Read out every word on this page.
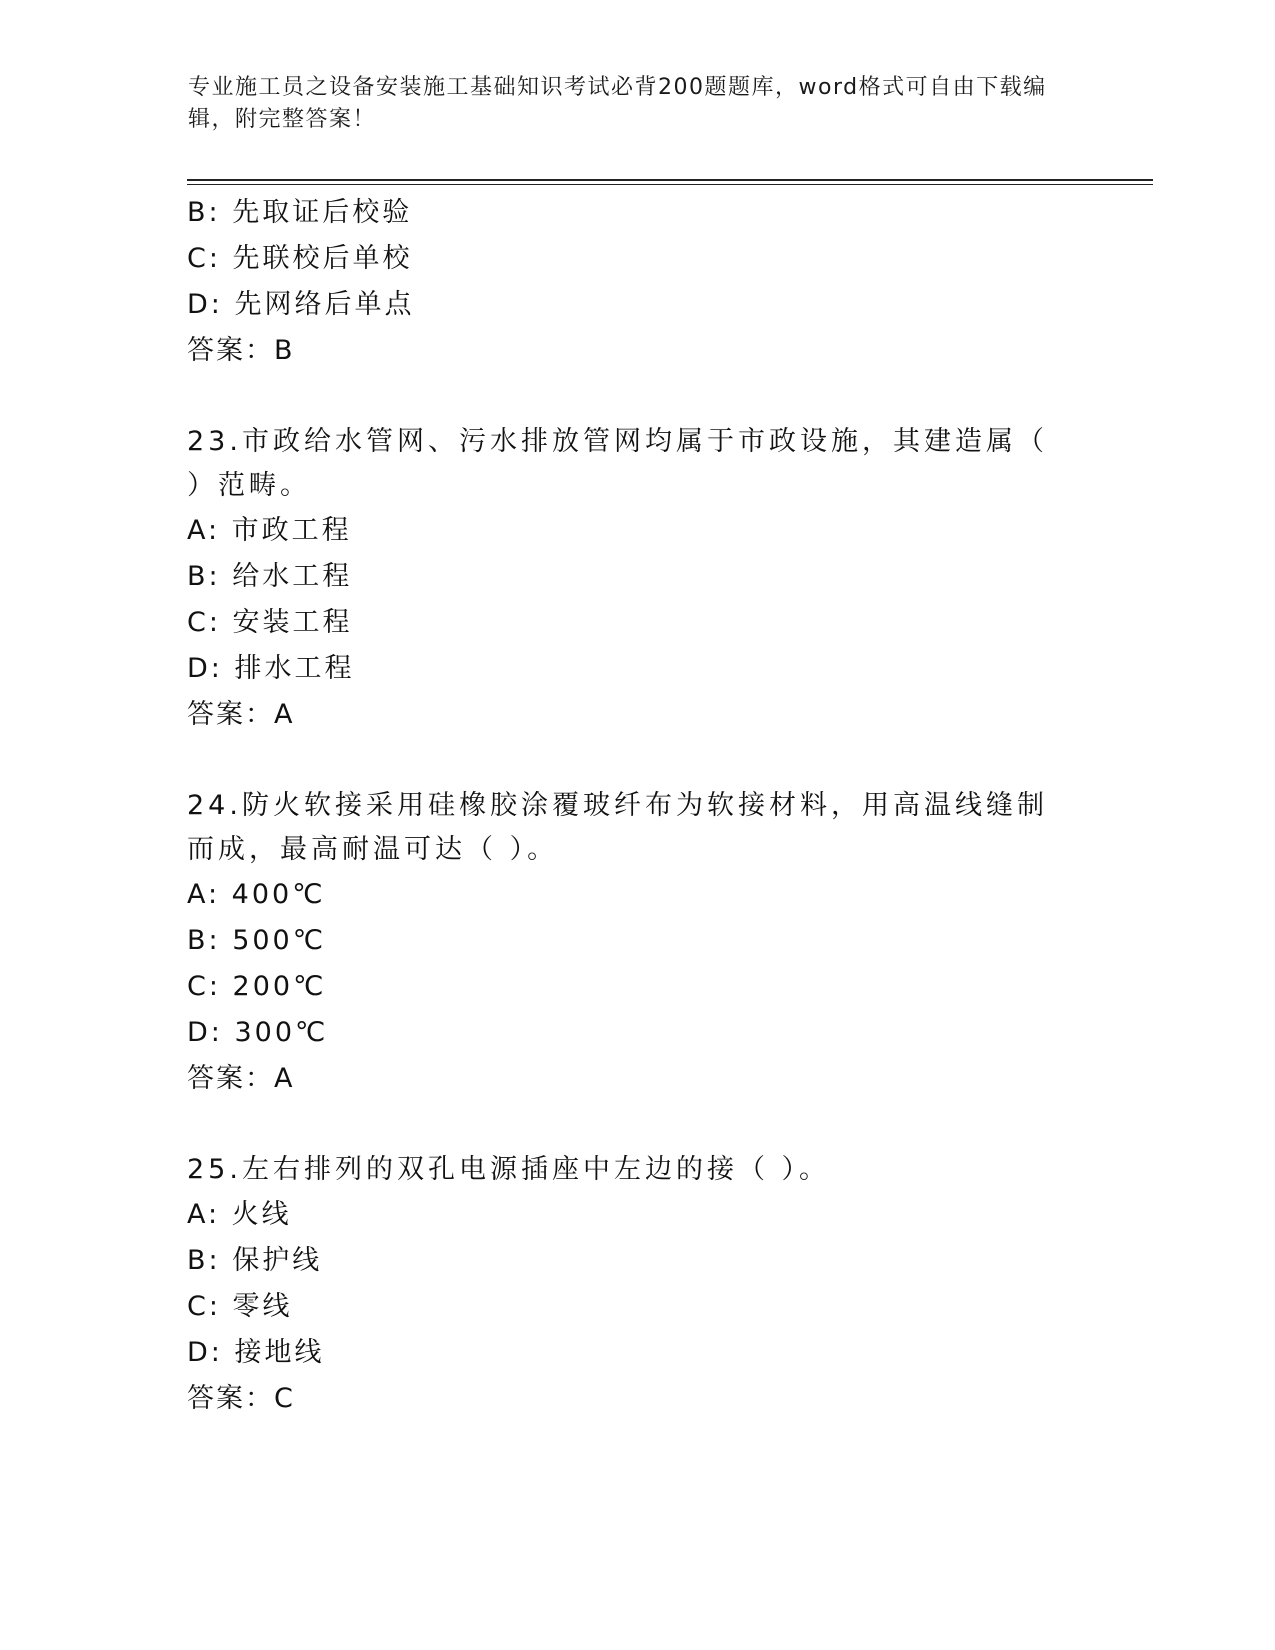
专业施工员之设备安装施工基础知识考试必背200题题库，word格式可自由下载编辑，附完整答案！
B: 先取证后校验
C: 先联校后单校
D: 先网络后单点
答案：B
23.市政给水管网、污水排放管网均属于市政设施，其建造属（ ）范畴。
A: 市政工程
B: 给水工程
C: 安装工程
D: 排水工程
答案：A
24.防火软接采用硅橡胶涂覆玻纤布为软接材料，用高温线缝制而成，最高耐温可达（ ）。
A: 400℃
B: 500℃
C: 200℃
D: 300℃
答案：A
25.左右排列的双孔电源插座中左边的接（ ）。
A: 火线
B: 保护线
C: 零线
D: 接地线
答案：C
